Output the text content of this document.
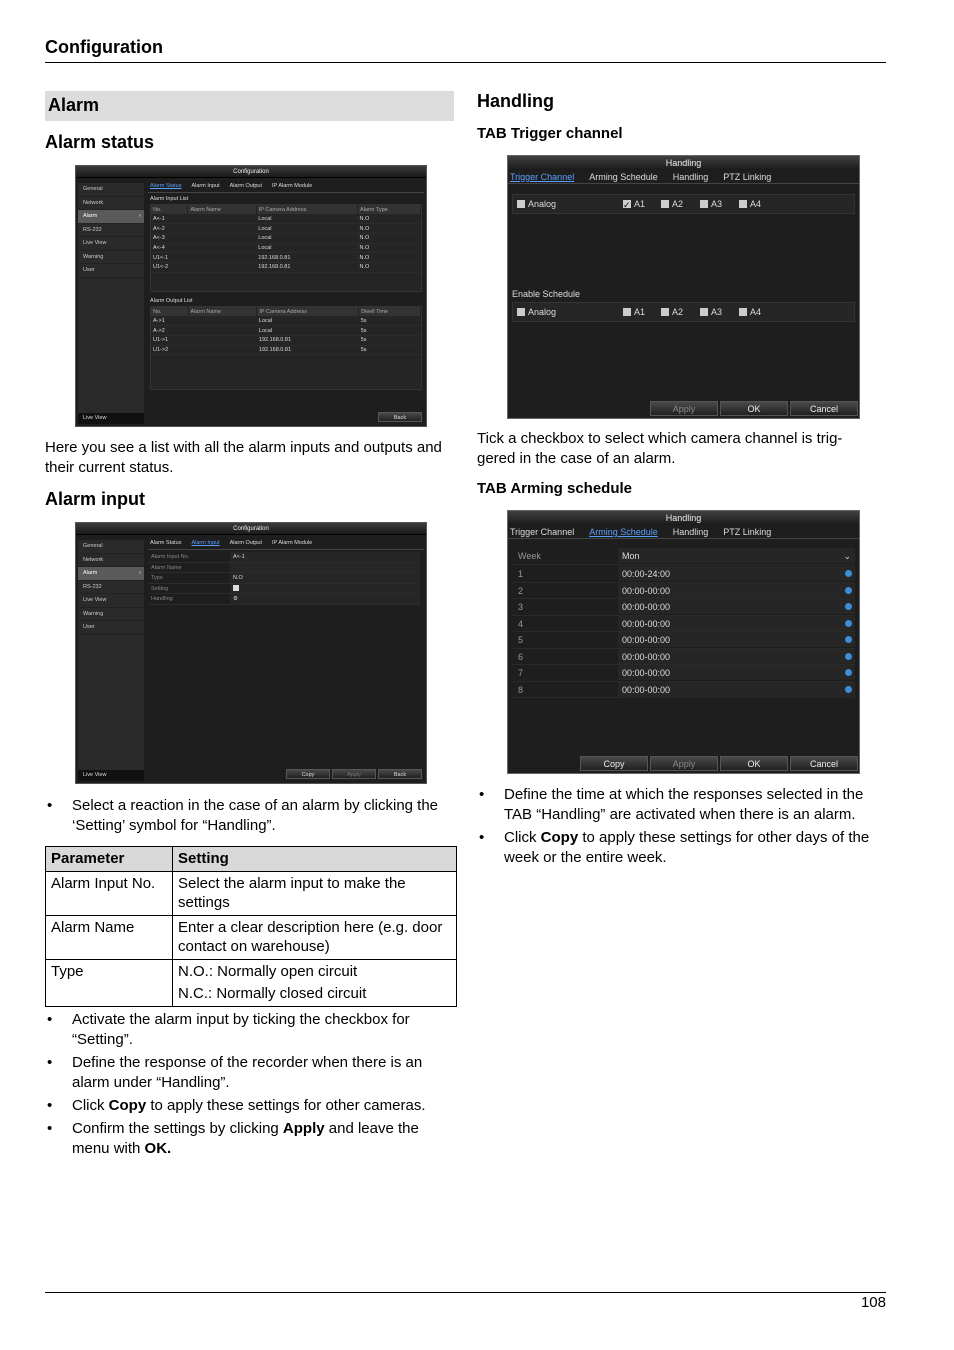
Configuration
Alarm
Alarm status
Configuration
General
Network
Alarm ›
RS-232
Live View
Warning
User
Live View
Alarm Status Alarm Input Alarm Output IP Alarm Module
Alarm Input List
No.	Alarm Name	IP Camera Address	Alarm Type
A<-1		Local	N.O
A<-2		Local	N.O
A<-3		Local	N.O
A<-4		Local	N.O
U1<-1		192.168.0.81	N.O
U1<-2		192.168.0.81	N.O
Alarm Output List
No.	Alarm Name	IP Camera Address	Dwell Time
A->1		Local	5s
A->2		Local	5s
U1->1		192.168.0.81	5s
U1->2		192.168.0.81	5s
Back

Here you see a list with all the alarm inputs and outputs and their current status.

Alarm input
Configuration
General
Network
Alarm ›
RS-232
Live View
Warning
User
Live View
Alarm Status Alarm Input Alarm Output IP Alarm Module
Alarm Input No.	A<-1
Alarm Name
Type	N.O
Setting
Handling	⚙
Copy	Apply	Back
• Select a reaction in the case of an alarm by clicking the ‘Setting’ symbol for “Handling”.
Parameter	Setting
Alarm Input No.	Select the alarm input to make the settings
Alarm Name	Enter a clear description here (e.g. door contact on warehouse)
Type	N.O.: Normally open circuit
N.C.: Normally closed circuit
• Activate the alarm input by ticking the checkbox for “Setting”.
• Define the response of the recorder when there is an alarm under “Handling”.
• Click Copy to apply these settings for other cameras.
• Confirm the settings by clicking Apply and leave the menu with OK.
Handling
TAB Trigger channel
Handling
Trigger Channel Arming Schedule Handling PTZ Linking
Analog ✓	A1	A2	A3	A4
Enable Schedule
Analog	A1	A2	A3	A4
Apply	OK	Cancel

Tick a checkbox to select which camera channel is trig-gered in the case of an alarm.

TAB Arming schedule
Handling
Trigger Channel Arming Schedule Handling PTZ Linking
Week	Mon	⌄
1	00:00-24:00
2	00:00-00:00
3	00:00-00:00
4	00:00-00:00
5	00:00-00:00
6	00:00-00:00
7	00:00-00:00
8	00:00-00:00
Copy	Apply	OK	Cancel
• Define the time at which the responses selected in the TAB “Handling” are activated when there is an alarm.
• Click Copy to apply these settings for other days of the week or the entire week.
108
